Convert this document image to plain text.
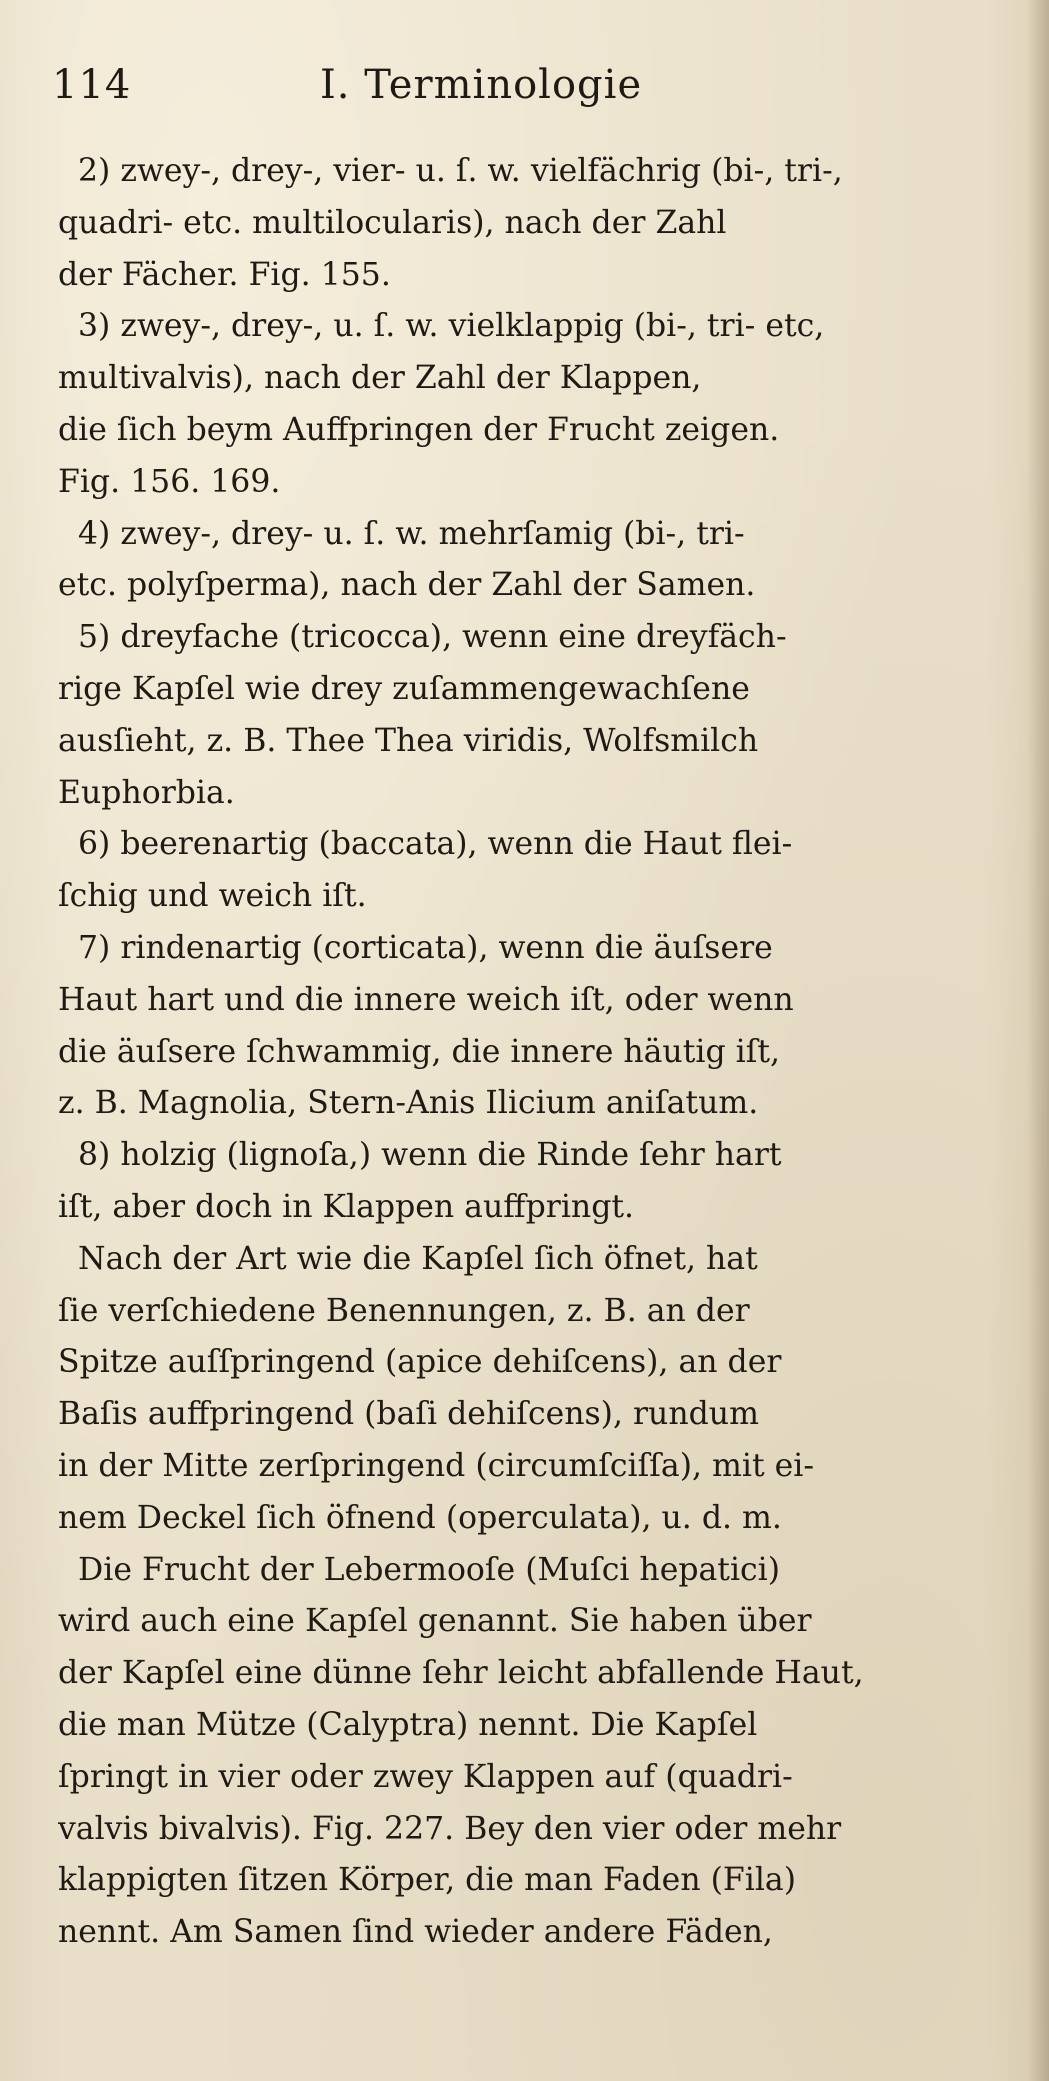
114	I. Terminologie
2) zwey-, drey-, vier- u. ſ. w. vielfächrig (bi-, tri-,
quadri- etc. multilocularis), nach der Zahl
der Fächer. Fig. 155.
3) zwey-, drey-, u. ſ. w. vielklappig (bi-, tri- etc,
multivalvis), nach der Zahl der Klappen,
die ſich beym Auffpringen der Frucht zeigen.
Fig. 156. 169.
4) zwey-, drey- u. ſ. w. mehrſamig (bi-, tri-
etc. polyſperma), nach der Zahl der Samen.
5) dreyfache (tricocca), wenn eine dreyfäch-
rige Kapſel wie drey zuſammengewachſene
ausſieht, z. B. Thee Thea viridis, Wolfsmilch
Euphorbia.
6) beerenartig (baccata), wenn die Haut flei-
ſchig und weich iſt.
7) rindenartig (corticata), wenn die äuſsere
Haut hart und die innere weich iſt, oder wenn
die äuſsere ſchwammig, die innere häutig iſt,
z. B. Magnolia, Stern-Anis Ilicium aniſatum.
8) holzig (lignoſa,) wenn die Rinde ſehr hart
iſt, aber doch in Klappen auffpringt.
Nach der Art wie die Kapſel ſich öfnet, hat
ſie verſchiedene Benennungen, z. B. an der
Spitze auſſpringend (apice dehiſcens), an der
Baſis auffpringend (baſi dehiſcens), rundum
in der Mitte zerſpringend (circumſciſſa), mit ei-
nem Deckel ſich öfnend (operculata), u. d. m.
Die Frucht der Lebermooſe (Muſci hepatici)
wird auch eine Kapſel genannt. Sie haben über
der Kapſel eine dünne ſehr leicht abfallende Haut,
die man Mütze (Calyptra) nennt. Die Kapſel
ſpringt in vier oder zwey Klappen auf (quadri-
valvis bivalvis). Fig. 227. Bey den vier oder mehr
klappigten ſitzen Körper, die man Faden (Fila)
nennt. Am Samen ſind wieder andere Fäden,
